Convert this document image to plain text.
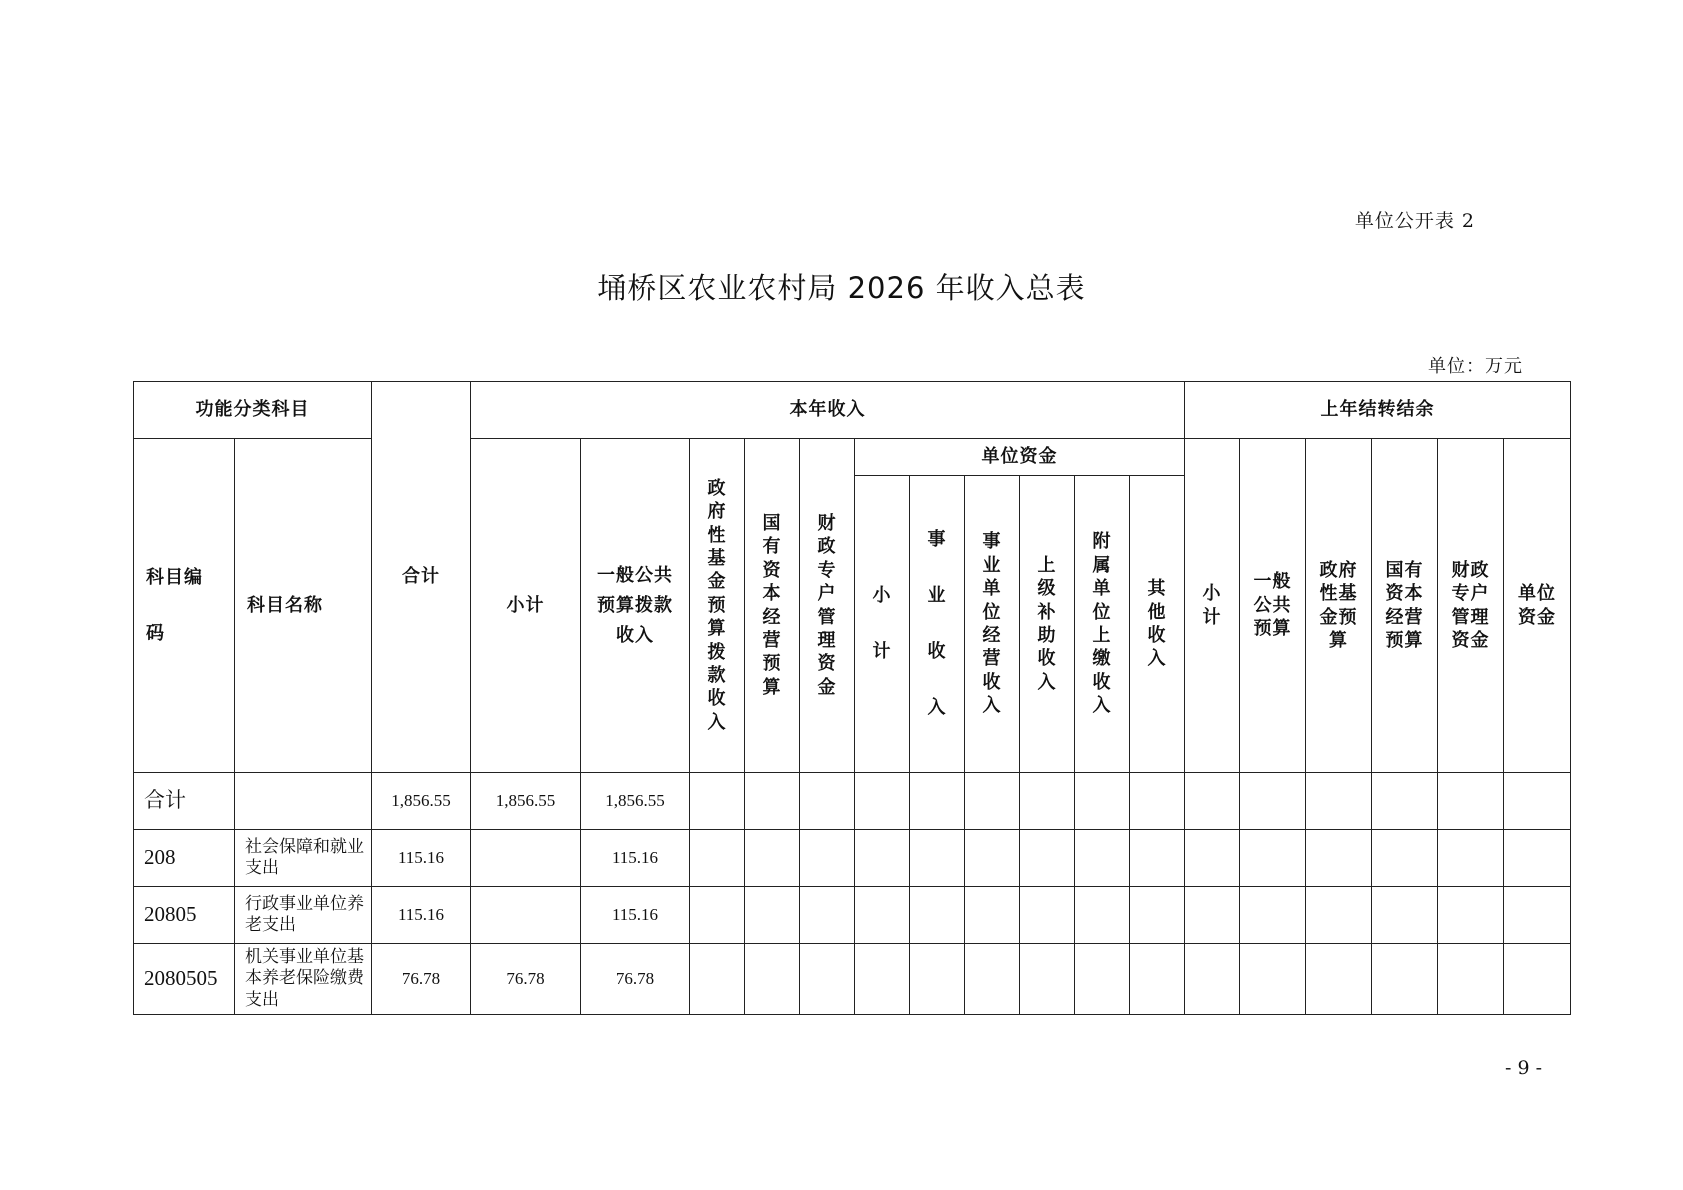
单位公开表 2
埇桥区农业农村局 2026 年收入总表
单位：万元
功能分类科目		合计	本年收入											上年结转结余					

科目编码	科目名称		小计	一般公共预算拨款收入	政府性基金预算拨款收入	国有资本经营预算	财政专户管理资金	单位资金						小计	一般公共预算	政府性基金预算	国有资本经营预算	财政专户管理资金	单位资金

								小计	事业收入	事业单位经营收入	上级补助收入	附属单位上缴收入	其他收入						

合计		1,856.55	1,856.55	1,856.55															
208	社会保障和就业支出	115.16		115.16															
20805	行政事业单位养老支出	115.16		115.16															
2080505	机关事业单位基本养老保险缴费支出	76.78	76.78	76.78															
- 9 -
